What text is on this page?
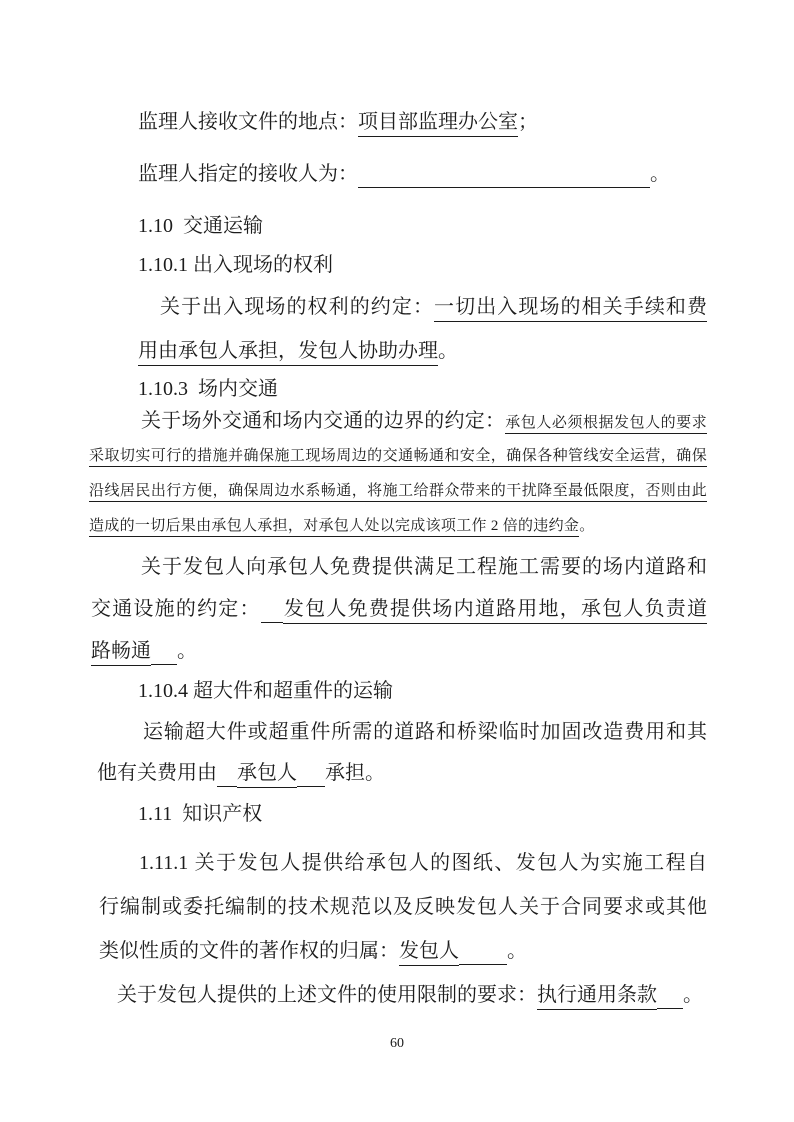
监理人接收文件的地点：项目部监理办公室；
监理人指定的接收人为：	。
1.10  交通运输
1.10.1 出入现场的权利
关于出入现场的权利的约定：一切出入现场的相关手续和费
用由承包人承担，发包人协助办理。
1.10.3  场内交通
关于场外交通和场内交通的边界的约定：承包人必须根据发包人的要求
采取切实可行的措施并确保施工现场周边的交通畅通和安全，确保各种管线安全运营，确保
沿线居民出行方便，确保周边水系畅通，将施工给群众带来的干扰降至最低限度，否则由此
造成的一切后果由承包人承担，对承包人处以完成该项工作 2 倍的违约金。
关于发包人向承包人免费提供满足工程施工需要的场内道路和
交通设施的约定： 发包人免费提供场内道路用地，承包人负责道
路畅通 。
1.10.4 超大件和超重件的运输
运输超大件或超重件所需的道路和桥梁临时加固改造费用和其
他有关费用由 承包人 承担。
1.11  知识产权
1.11.1 关于发包人提供给承包人的图纸、发包人为实施工程自
行编制或委托编制的技术规范以及反映发包人关于合同要求或其他
类似性质的文件的著作权的归属：发包人 。
关于发包人提供的上述文件的使用限制的要求：执行通用条款 。
60
